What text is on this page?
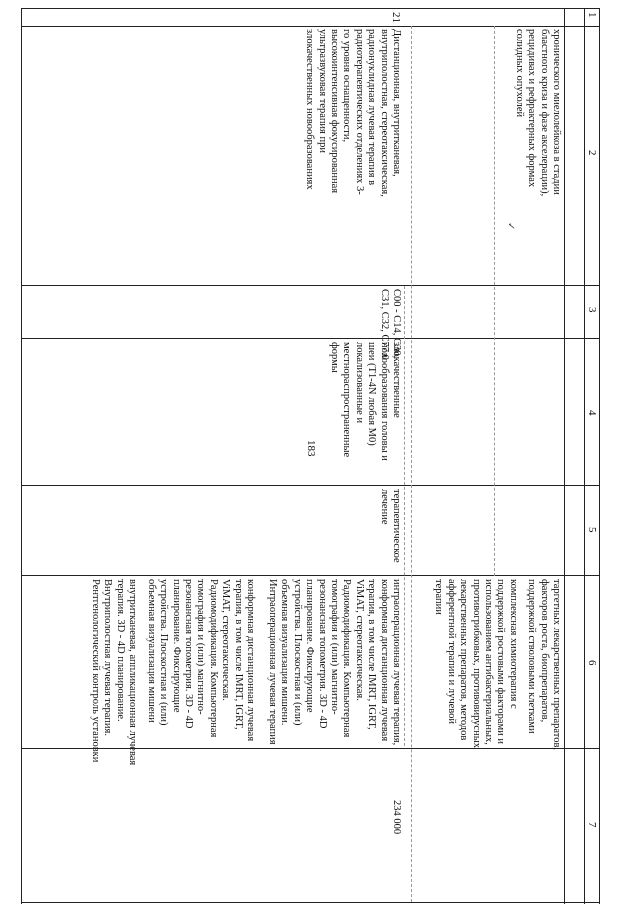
183
1
2
3
4
5
6
7
хронического миелолейкоза в стадии
бластного криза и фазе акселерации),
рецидивах и рефрактерных формах
солидных опухолей
таргетных лекарственных препаратов,
факторов роста, биопрепаратов,
поддержкой стволовыми клетками
комплексная химиотерапия с
поддержкой ростовыми факторами и
использованием антибактериальных,
противогрибковых, противовирусных
лекарственных препаратов, методов
афферентной терапии и лучевой
терапии
✓
21
Дистанционная, внутритканевая,
внутриполостная, стереотаксическая,
радионуклидная лучевая терапия в
радиотерапевтических отделениях 3-
го уровня оснащенности,
высокоинтенсивная фокусированная
ультразвуковая терапия при
злокачественных новообразованиях
С00 - С14, С30,
С31, С32, С77.0
злокачественные
новообразования головы и
шеи (T1-4N любая M0)
локализованные и
местнораспространенные
формы
терапевтическое
лечение
интраоперационная лучевая терапия,
конформная дистанционная лучевая
терапия, в том числе IMRT, IGRT,
ViMAT, стереотаксическая.
Радиомодификация. Компьютерная
томография и (или) магнитно-
резонансная топометрия. 3D - 4D
планирование. Фиксирующие
устройства. Плоскостная и (или)
объемная визуализация мишени.
Интраоперационная лучевая терапия
конформная дистанционная лучевая
терапия, в том числе IMRT, IGRT,
ViMAT, стереотаксическая.
Радиомодификация. Компьютерная
томография и (или) магнитно-
резонансная топометрия. 3D - 4D
планирование. Фиксирующие
устройства. Плоскостная и (или)
объемная визуализация мишени
внутритканевая, аппликационная лучевая
терапия. 3D - 4D планирование.
Внутриполостная лучевая терапия.
Рентгенологический контроль установки
234 000
